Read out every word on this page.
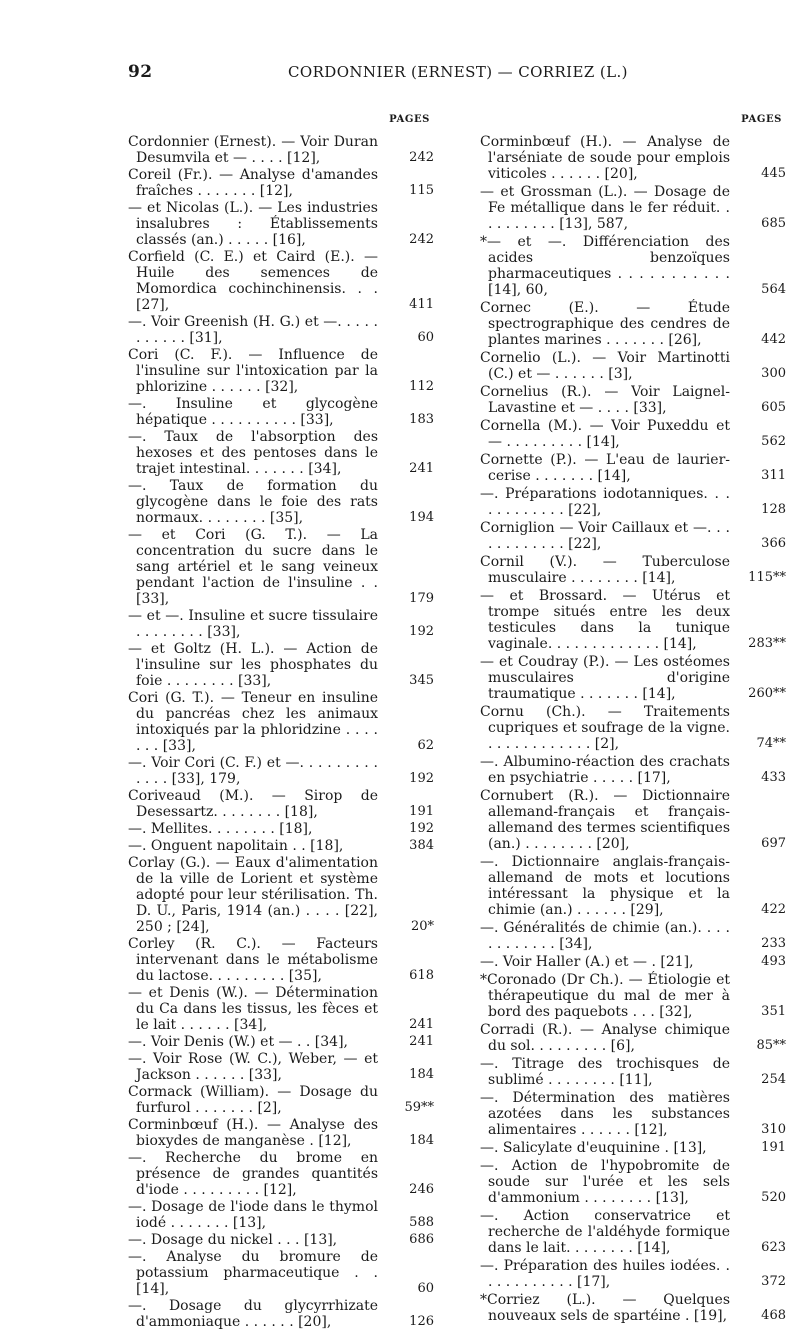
92	CORDONNIER (ERNEST) — CORRIEZ (L.)
PAGES
Cordonnier (Ernest). — Voir Duran Desumvila et — . . . . [12],	242
Coreil (Fr.). — Analyse d'amandes fraîches . . . . . . . [12],	115
— et Nicolas (L.). — Les industries insalubres : Établissements classés (an.) . . . . . [16],	242
Corfield (C. E.) et Caird (E.). — Huile des semences de Momordica cochinchinensis. . . [27],	411
—. Voir Greenish (H. G.) et —. . . . . . . . . . . [31],	60
Cori (C. F.). — Influence de l'insuline sur l'intoxication par la phlorizine . . . . . . [32],	112
—. Insuline et glycogène hépatique . . . . . . . . . . [33],	183
—. Taux de l'absorption des hexoses et des pentoses dans le trajet intestinal. . . . . . . [34],	241
—. Taux de formation du glycogène dans le foie des rats normaux. . . . . . . . [35],	194
— et Cori (G. T.). — La concentration du sucre dans le sang artériel et le sang veineux pendant l'action de l'insuline . . [33],	179
— et —. Insuline et sucre tissulaire . . . . . . . . [33],	192
— et Goltz (H. L.). — Action de l'insuline sur les phosphates du foie . . . . . . . . [33],	345
Cori (G. T.). — Teneur en insuline du pancréas chez les animaux intoxiqués par la phloridzine . . . . . . . [33],	62
—. Voir Cori (C. F.) et —. . . . . . . . . . . . . [33], 179,	192
Coriveaud (M.). — Sirop de Desessartz. . . . . . . . [18],	191
—. Mellites. . . . . . . . [18],	192
—. Onguent napolitain . . [18],	384
Corlay (G.). — Eaux d'alimentation de la ville de Lorient et système adopté pour leur stérilisation. Th. D. U., Paris, 1914 (an.) . . . . [22], 250 ; [24],	20*
Corley (R. C.). — Facteurs intervenant dans le métabolisme du lactose. . . . . . . . . [35],	618
— et Denis (W.). — Détermination du Ca dans les tissus, les fèces et le lait . . . . . . [34],	241
—. Voir Denis (W.) et — . . [34],	241
—. Voir Rose (W. C.), Weber, — et Jackson . . . . . . [33],	184
Cormack (William). — Dosage du furfurol . . . . . . . [2],	59**
Corminbœuf (H.). — Analyse des bioxydes de manganèse . [12],	184
—. Recherche du brome en présence de grandes quantités d'iode . . . . . . . . . [12],	246
—. Dosage de l'iode dans le thymol iodé . . . . . . . [13],	588
—. Dosage du nickel . . . [13],	686
—. Analyse du bromure de potassium pharmaceutique . . [14],	60
—. Dosage du glycyrrhizate d'ammoniaque . . . . . . [20],	126
PAGES
Corminbœuf (H.). — Analyse de l'arséniate de soude pour emplois viticoles . . . . . . [20],	445
— et Grossman (L.). — Dosage de Fe métallique dans le fer réduit. . . . . . . . . . [13], 587,	685
*— et —. Différenciation des acides benzoïques pharmaceutiques . . . . . . . . . . . [14], 60,	564
Cornec (E.). — Étude spectrographique des cendres de plantes marines . . . . . . . [26],	442
Cornelio (L.). — Voir Martinotti (C.) et — . . . . . . [3],	300
Cornelius (R.). — Voir Laignel-Lavastine et — . . . . [33],	605
Cornella (M.). — Voir Puxeddu et — . . . . . . . . . [14],	562
Cornette (P.). — L'eau de laurier-cerise . . . . . . . [14],	311
—. Préparations iodotanniques. . . . . . . . . . . . [22],	128
Corniglion — Voir Caillaux et —. . . . . . . . . . . . [22],	366
Cornil (V.). — Tuberculose musculaire . . . . . . . . [14],	115**
— et Brossard. — Utérus et trompe situés entre les deux testicules dans la tunique vaginale. . . . . . . . . . . . . [14],	283**
— et Coudray (P.). — Les ostéomes musculaires d'origine traumatique . . . . . . . [14],	260**
Cornu (Ch.). — Traitements cupriques et soufrage de la vigne. . . . . . . . . . . . . [2],	74**
—. Albumino-réaction des crachats en psychiatrie . . . . . [17],	433
Cornubert (R.). — Dictionnaire allemand-français et français-allemand des termes scientifiques (an.) . . . . . . . . [20],	697
—. Dictionnaire anglais-français-allemand de mots et locutions intéressant la physique et la chimie (an.) . . . . . . [29],	422
—. Généralités de chimie (an.). . . . . . . . . . . . [34],	233
—. Voir Haller (A.) et — . [21],	493
*Coronado (Dr Ch.). — Étiologie et thérapeutique du mal de mer à bord des paquebots . . . [32],	351
Corradi (R.). — Analyse chimique du sol. . . . . . . . . [6],	85**
—. Titrage des trochisques de sublimé . . . . . . . . [11],	254
—. Détermination des matières azotées dans les substances alimentaires . . . . . . [12],	310
—. Salicylate d'euquinine . [13],	191
—. Action de l'hypobromite de soude sur l'urée et les sels d'ammonium . . . . . . . . [13],	520
—. Action conservatrice et recherche de l'aldéhyde formique dans le lait. . . . . . . . [14],	623
—. Préparation des huiles iodées. . . . . . . . . . . . [17],	372
*Corriez (L.). — Quelques nouveaux sels de spartéine . [19],	468
